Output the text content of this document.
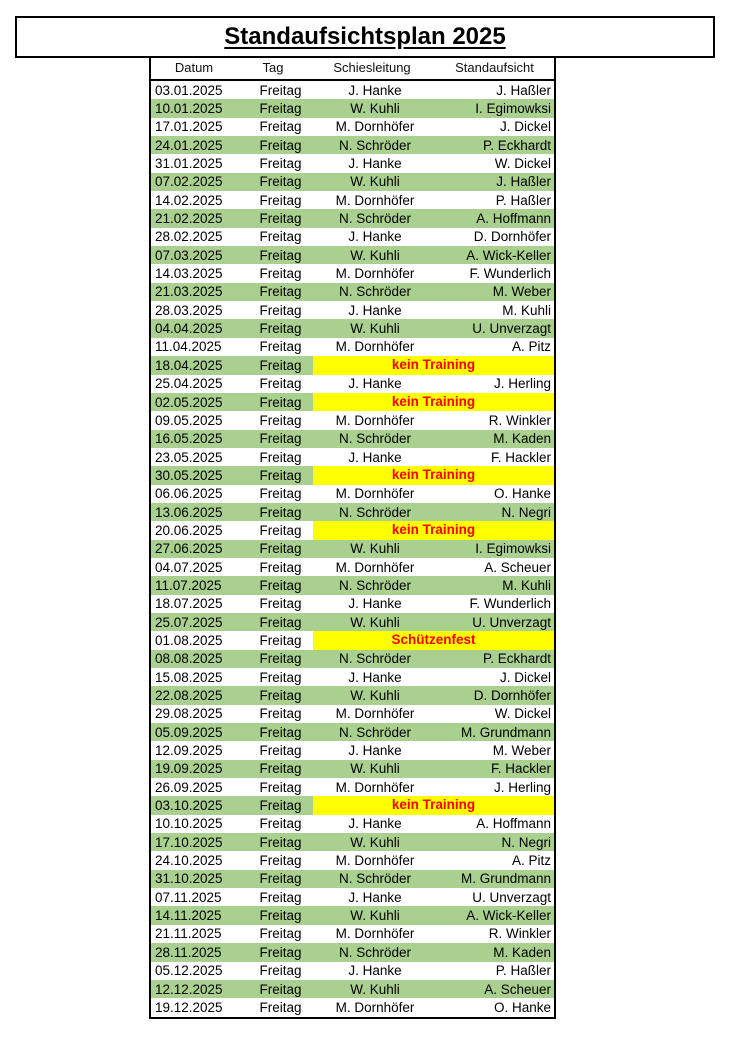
Standaufsichtsplan 2025
Datum	Tag	Schiesleitung	Standaufsicht
03.01.2025	Freitag	J. Hanke	J. Haßler
10.01.2025	Freitag	W. Kuhli	I. Egimowksi
17.01.2025	Freitag	M. Dornhöfer	J. Dickel
24.01.2025	Freitag	N. Schröder	P. Eckhardt
31.01.2025	Freitag	J. Hanke	W. Dickel
07.02.2025	Freitag	W. Kuhli	J. Haßler
14.02.2025	Freitag	M. Dornhöfer	P. Haßler
21.02.2025	Freitag	N. Schröder	A. Hoffmann
28.02.2025	Freitag	J. Hanke	D. Dornhöfer
07.03.2025	Freitag	W. Kuhli	A. Wick-Keller
14.03.2025	Freitag	M. Dornhöfer	F. Wunderlich
21.03.2025	Freitag	N. Schröder	M. Weber
28.03.2025	Freitag	J. Hanke	M. Kuhli
04.04.2025	Freitag	W. Kuhli	U. Unverzagt
11.04.2025	Freitag	M. Dornhöfer	A. Pitz
18.04.2025	Freitag	kein Training
25.04.2025	Freitag	J. Hanke	J. Herling
02.05.2025	Freitag	kein Training
09.05.2025	Freitag	M. Dornhöfer	R. Winkler
16.05.2025	Freitag	N. Schröder	M. Kaden
23.05.2025	Freitag	J. Hanke	F. Hackler
30.05.2025	Freitag	kein Training
06.06.2025	Freitag	M. Dornhöfer	O. Hanke
13.06.2025	Freitag	N. Schröder	N. Negri
20.06.2025	Freitag	kein Training
27.06.2025	Freitag	W. Kuhli	I. Egimowksi
04.07.2025	Freitag	M. Dornhöfer	A. Scheuer
11.07.2025	Freitag	N. Schröder	M. Kuhli
18.07.2025	Freitag	J. Hanke	F. Wunderlich
25.07.2025	Freitag	W. Kuhli	U. Unverzagt
01.08.2025	Freitag	Schützenfest
08.08.2025	Freitag	N. Schröder	P. Eckhardt
15.08.2025	Freitag	J. Hanke	J. Dickel
22.08.2025	Freitag	W. Kuhli	D. Dornhöfer
29.08.2025	Freitag	M. Dornhöfer	W. Dickel
05.09.2025	Freitag	N. Schröder	M. Grundmann
12.09.2025	Freitag	J. Hanke	M. Weber
19.09.2025	Freitag	W. Kuhli	F. Hackler
26.09.2025	Freitag	M. Dornhöfer	J. Herling
03.10.2025	Freitag	kein Training
10.10.2025	Freitag	J. Hanke	A. Hoffmann
17.10.2025	Freitag	W. Kuhli	N. Negri
24.10.2025	Freitag	M. Dornhöfer	A. Pitz
31.10.2025	Freitag	N. Schröder	M. Grundmann
07.11.2025	Freitag	J. Hanke	U. Unverzagt
14.11.2025	Freitag	W. Kuhli	A. Wick-Keller
21.11.2025	Freitag	M. Dornhöfer	R. Winkler
28.11.2025	Freitag	N. Schröder	M. Kaden
05.12.2025	Freitag	J. Hanke	P. Haßler
12.12.2025	Freitag	W. Kuhli	A. Scheuer
19.12.2025	Freitag	M. Dornhöfer	O. Hanke
